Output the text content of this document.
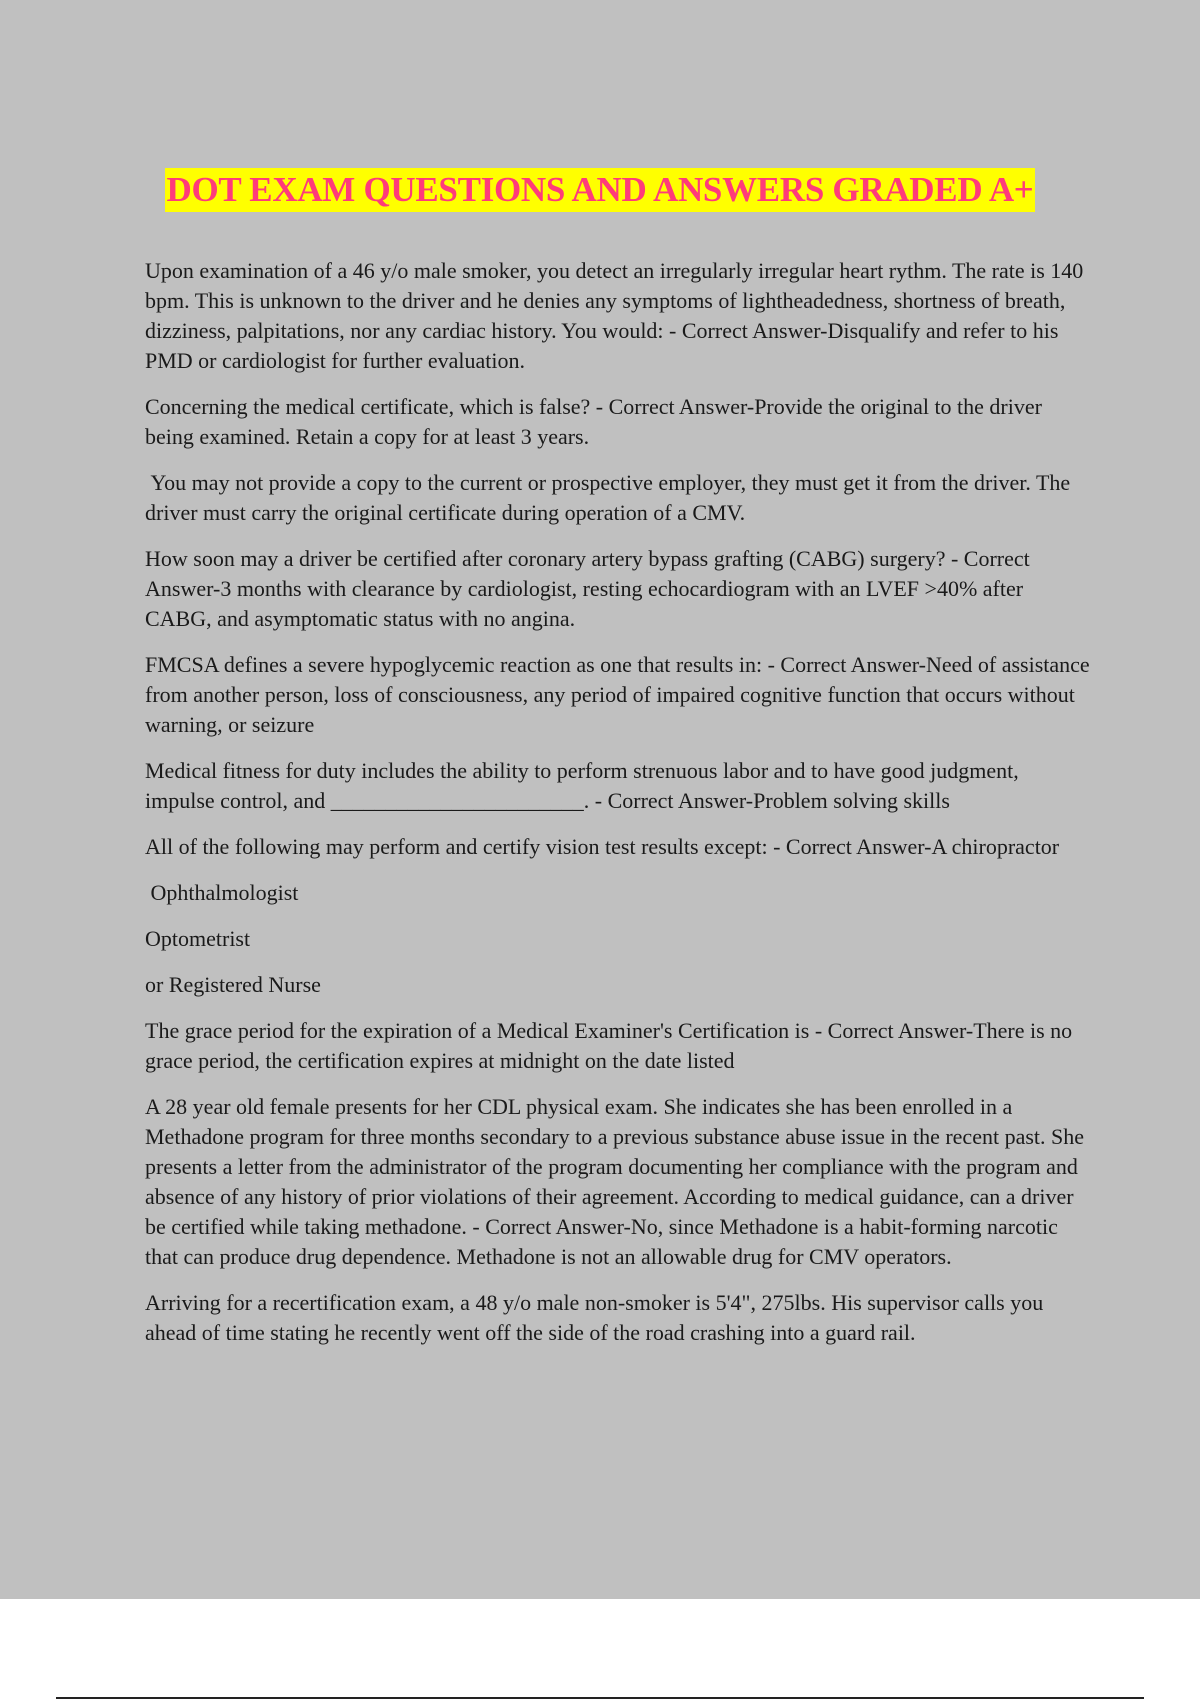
DOT EXAM QUESTIONS AND ANSWERS GRADED A+

Upon examination of a 46 y/o male smoker, you detect an irregularly irregular heart rythm. The rate is 140 bpm. This is unknown to the driver and he denies any symptoms of lightheadedness, shortness of breath, dizziness, palpitations, nor any cardiac history. You would: - Correct Answer-Disqualify and refer to his PMD or cardiologist for further evaluation.

Concerning the medical certificate, which is false? - Correct Answer-Provide the original to the driver being examined. Retain a copy for at least 3 years.

You may not provide a copy to the current or prospective employer, they must get it from the driver. The driver must carry the original certificate during operation of a CMV.

How soon may a driver be certified after coronary artery bypass grafting (CABG) surgery? - Correct Answer-3 months with clearance by cardiologist, resting echocardiogram with an LVEF >40% after CABG, and asymptomatic status with no angina.

FMCSA defines a severe hypoglycemic reaction as one that results in: - Correct Answer-Need of assistance from another person, loss of consciousness, any period of impaired cognitive function that occurs without warning, or seizure

Medical fitness for duty includes the ability to perform strenuous labor and to have good judgment, impulse control, and _______________________. - Correct Answer-Problem solving skills

All of the following may perform and certify vision test results except: - Correct Answer-A chiropractor

Ophthalmologist

Optometrist

or Registered Nurse

The grace period for the expiration of a Medical Examiner's Certification is - Correct Answer-There is no grace period, the certification expires at midnight on the date listed

A 28 year old female presents for her CDL physical exam. She indicates she has been enrolled in a Methadone program for three months secondary to a previous substance abuse issue in the recent past. She presents a letter from the administrator of the program documenting her compliance with the program and absence of any history of prior violations of their agreement. According to medical guidance, can a driver be certified while taking methadone. - Correct Answer-No, since Methadone is a habit-forming narcotic that can produce drug dependence. Methadone is not an allowable drug for CMV operators.

Arriving for a recertification exam, a 48 y/o male non-smoker is 5'4", 275lbs. His supervisor calls you ahead of time stating he recently went off the side of the road crashing into a guard rail.
